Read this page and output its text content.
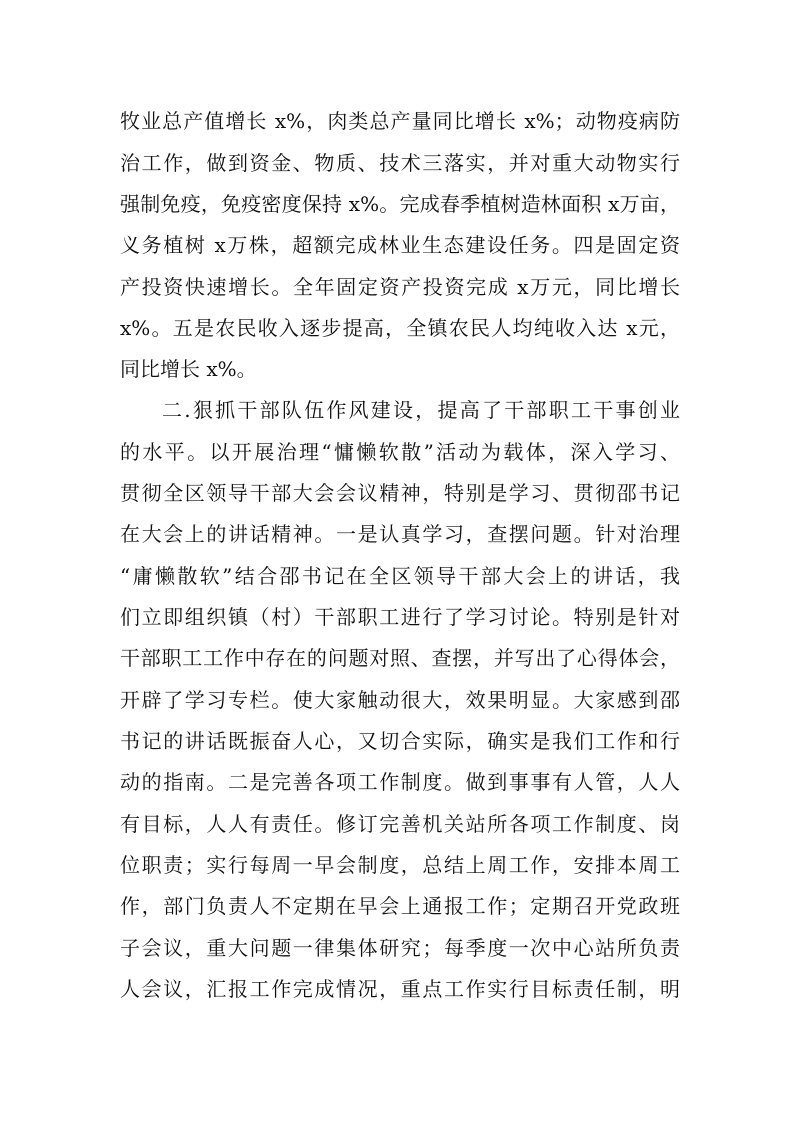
牧业总产值增长 x%，肉类总产量同比增长 x%；动物疫病防
治工作，做到资金、物质、技术三落实，并对重大动物实行
强制免疫，免疫密度保持 x%。完成春季植树造林面积 x万亩，
义务植树 x万株，超额完成林业生态建设任务。四是固定资
产投资快速增长。全年固定资产投资完成 x万元，同比增长
x%。五是农民收入逐步提高，全镇农民人均纯收入达 x元，
同比增长 x%。
二.狠抓干部队伍作风建设，提高了干部职工干事创业
的水平。以开展治理“慵懒软散”活动为载体，深入学习、
贯彻全区领导干部大会会议精神，特别是学习、贯彻邵书记
在大会上的讲话精神。一是认真学习，查摆问题。针对治理
“庸懒散软”结合邵书记在全区领导干部大会上的讲话，我
们立即组织镇（村）干部职工进行了学习讨论。特别是针对
干部职工工作中存在的问题对照、查摆，并写出了心得体会，
开辟了学习专栏。使大家触动很大，效果明显。大家感到邵
书记的讲话既振奋人心，又切合实际，确实是我们工作和行
动的指南。二是完善各项工作制度。做到事事有人管，人人
有目标，人人有责任。修订完善机关站所各项工作制度、岗
位职责；实行每周一早会制度，总结上周工作，安排本周工
作，部门负责人不定期在早会上通报工作；定期召开党政班
子会议，重大问题一律集体研究；每季度一次中心站所负责
人会议，汇报工作完成情况，重点工作实行目标责任制，明
